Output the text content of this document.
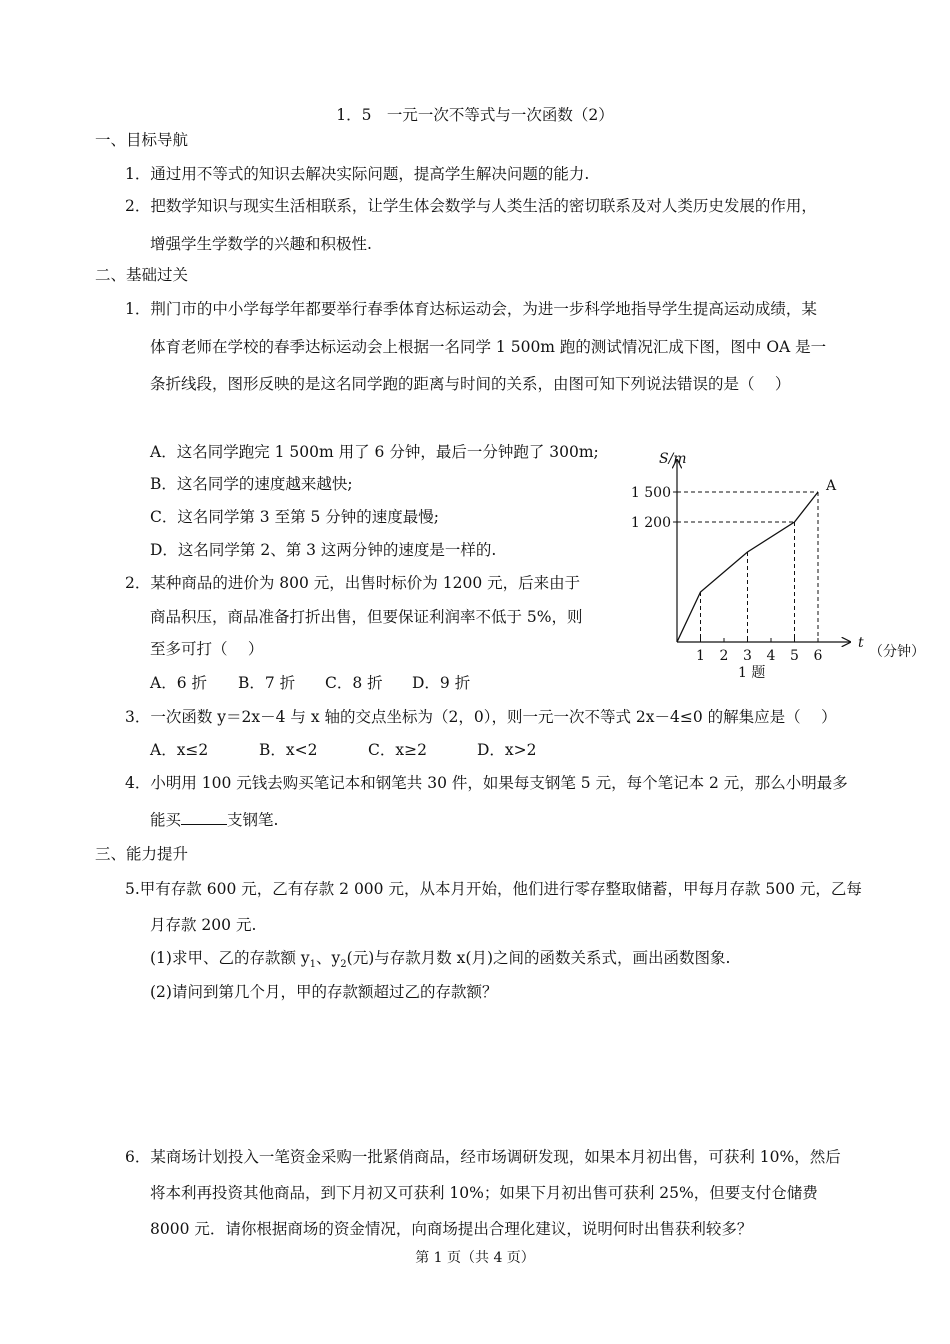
1．5　一元一次不等式与一次函数（2）
一、目标导航
1．通过用不等式的知识去解决实际问题，提高学生解决问题的能力.
2．把数学知识与现实生活相联系，让学生体会数学与人类生活的密切联系及对人类历史发展的作用，
增强学生学数学的兴趣和积极性.
二、基础过关
1．荆门市的中小学每学年都要举行春季体育达标运动会，为进一步科学地指导学生提高运动成绩，某
体育老师在学校的春季达标运动会上根据一名同学 1 500m 跑的测试情况汇成下图，图中 OA 是一
条折线段，图形反映的是这名同学跑的距离与时间的关系，由图可知下列说法错误的是（　 ）
A．这名同学跑完 1 500m 用了 6 分钟，最后一分钟跑了 300m;
B．这名同学的速度越来越快;
C．这名同学第 3 至第 5 分钟的速度最慢;
D．这名同学第 2、第 3 这两分钟的速度是一样的.
2．某种商品的进价为 800 元，出售时标价为 1200 元，后来由于
商品积压，商品准备打折出售，但要保证利润率不低于 5%，则
至多可打（　 ）
A．6 折 B．7 折 C．8 折 D．9 折
3．一次函数 y＝2x－4 与 x 轴的交点坐标为（2，0），则一元一次不等式 2x－4≤0 的解集应是（　 ）
A．x≤2	B．x<2	C．x≥2	D．x>2
4．小明用 100 元钱去购买笔记本和钢笔共 30 件，如果每支钢笔 5 元，每个笔记本 2 元，那么小明最多
能买	支钢笔.
三、能力提升
5.甲有存款 600 元，乙有存款 2 000 元，从本月开始，他们进行零存整取储蓄，甲每月存款 500 元，乙每
月存款 200 元.
(1)求甲、乙的存款额 $y_1$、$y_2$(元)与存款月数 x(月)之间的函数关系式，画出函数图象.
(2)请问到第几个月，甲的存款额超过乙的存款额？
6．某商场计划投入一笔资金采购一批紧俏商品，经市场调研发现，如果本月初出售，可获利 10%，然后
将本利再投资其他商品，到下月初又可获利 10%；如果下月初出售可获利 25%，但要支付仓储费
8000 元．请你根据商场的资金情况，向商场提出合理化建议，说明何时出售获利较多？
第 1 页（共 4 页）
1 200
1 500
1 2 3 4 5 6
S/m
t
（分钟）
A
1 题
